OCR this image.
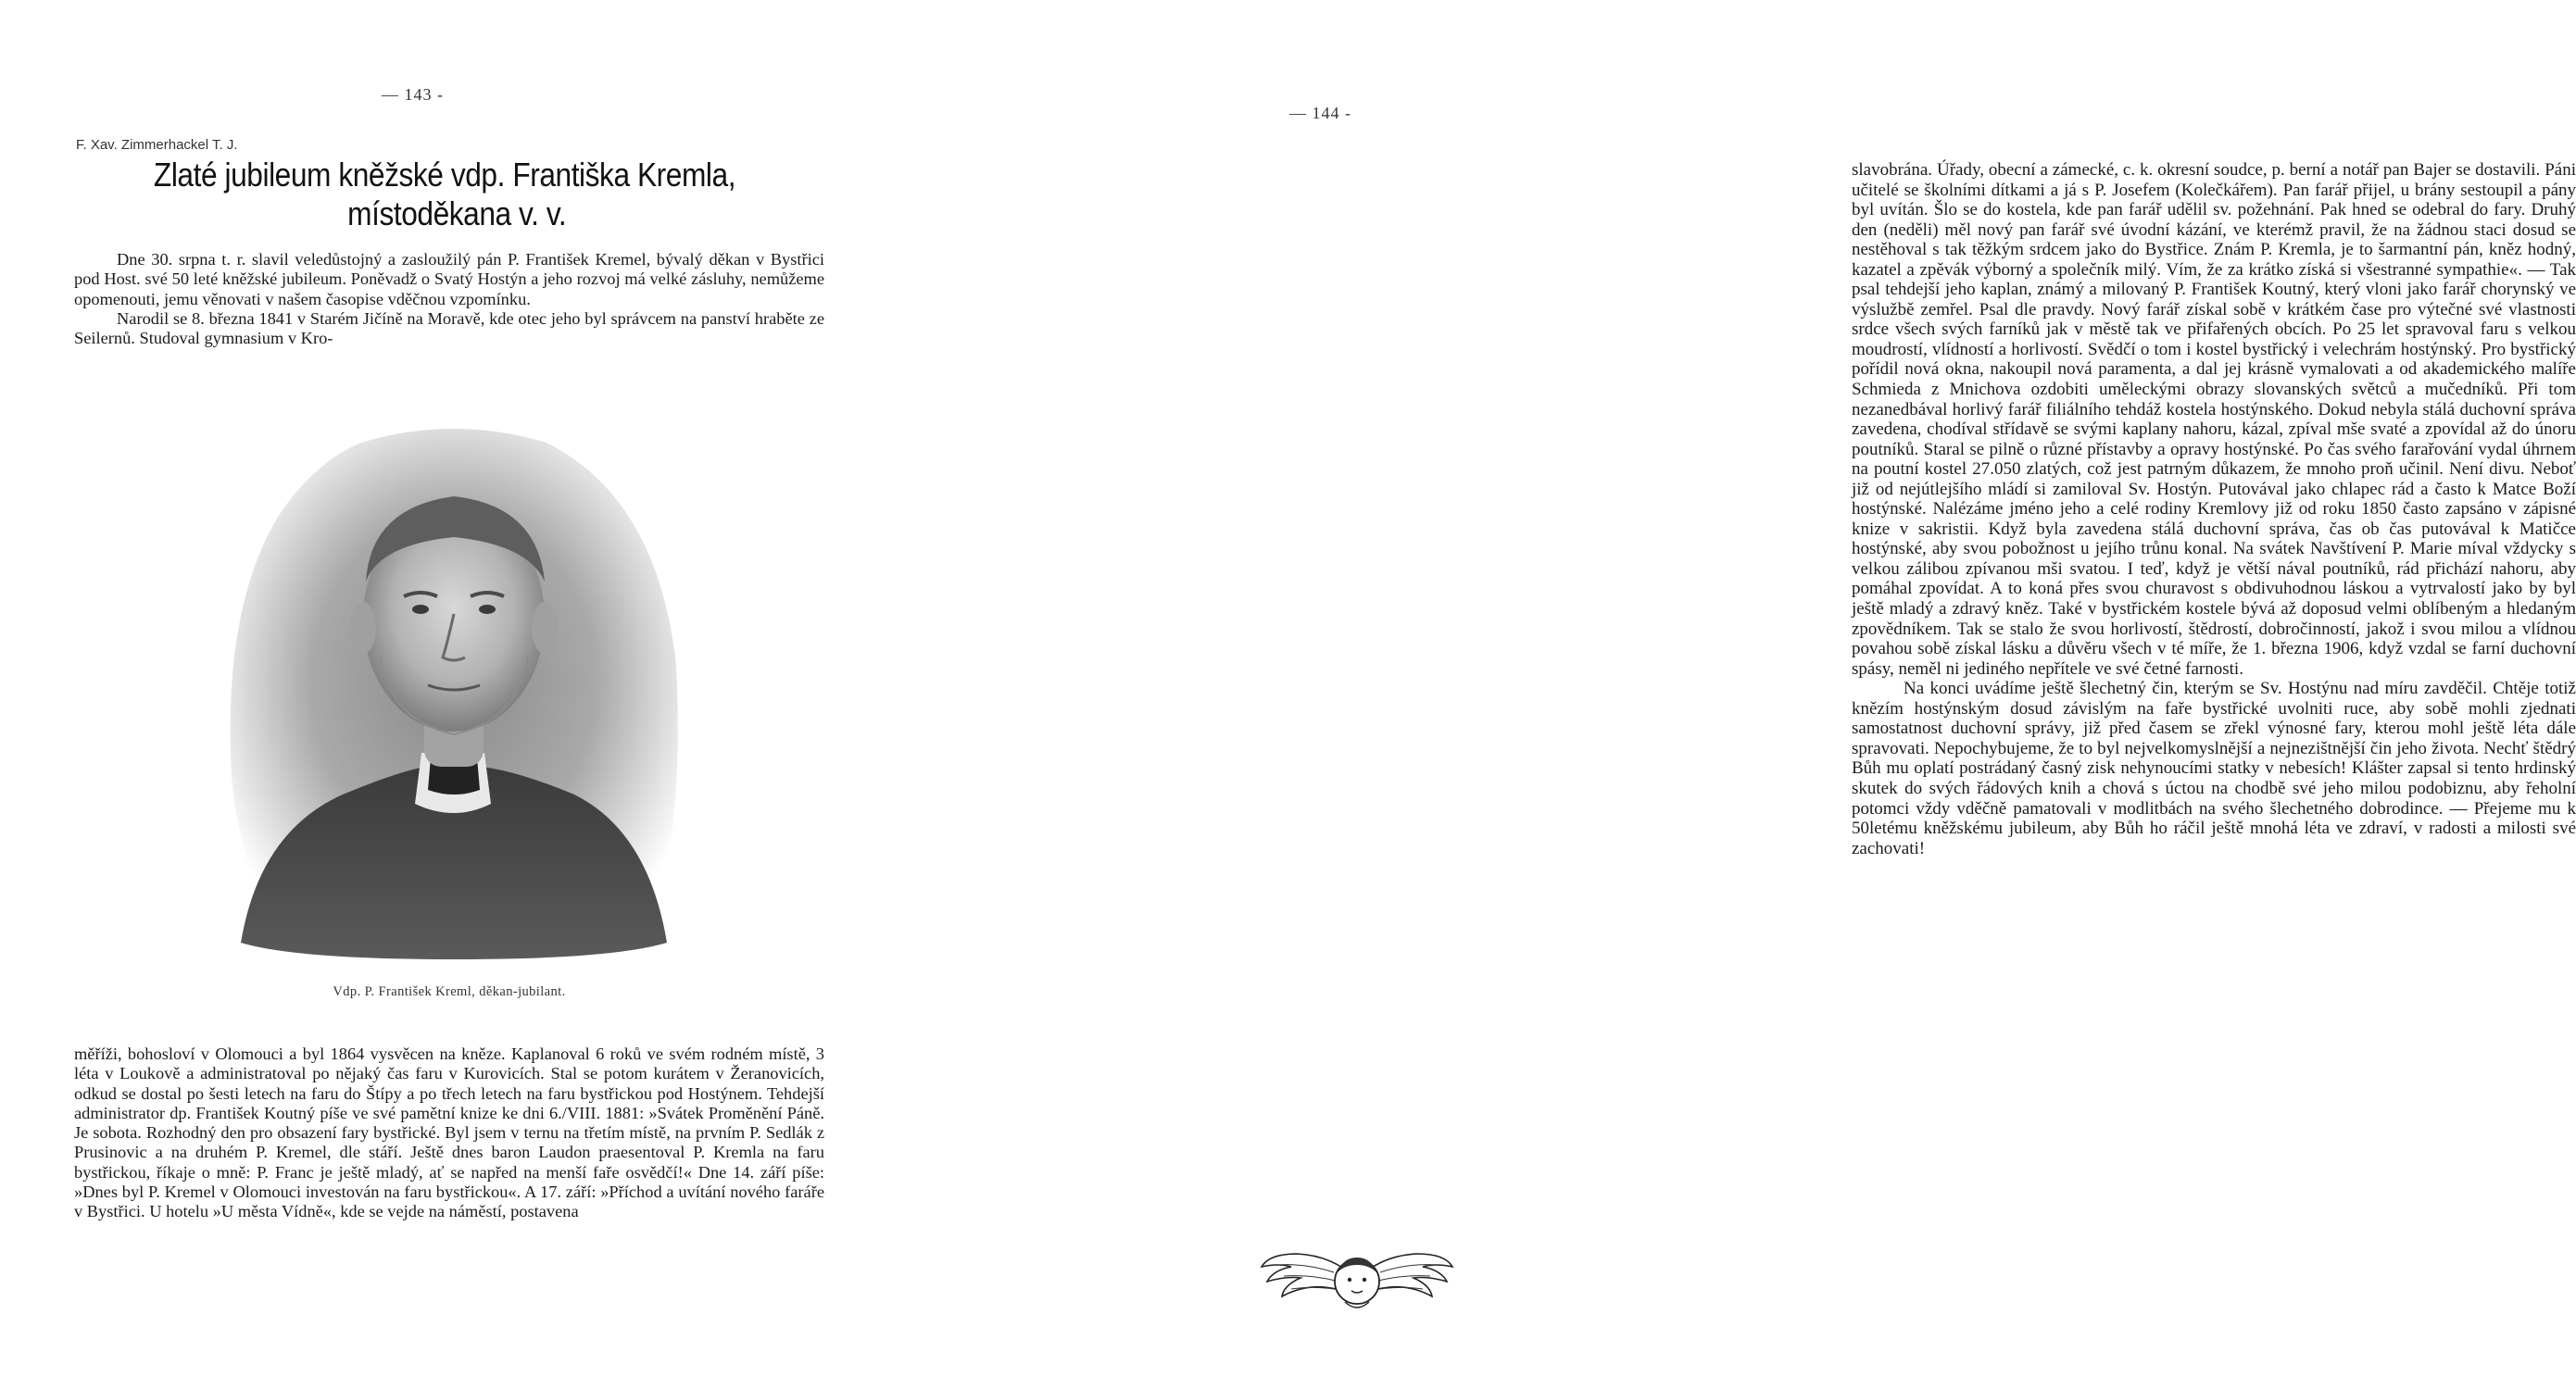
— 143 -
F. Xav. Zimmerhackel T. J.
Zlaté jubileum kněžské vdp. Františka Kremla,
místoděkana v. v.

Dne 30. srpna t. r. slavil veledůstojný a zasloužilý pán P. František Kremel, bývalý děkan v Bystřici pod Host. své 50 leté kněžské jubileum. Poněvadž o Svatý Hostýn a jeho rozvoj má velké zásluhy, nemůžeme opomenouti, jemu věnovati v našem časopise vděčnou vzpomínku.

Narodil se 8. března 1841 v Starém Jičíně na Moravě, kde otec jeho byl správcem na panství hraběte ze Seilernů. Studoval gymnasium v Kro-

Vdp. P. František Kreml, děkan-jubilant.

měříži, bohosloví v Olomouci a byl 1864 vysvěcen na kněze. Kaplanoval 6 roků ve svém rodném místě, 3 léta v Loukově a administratoval po nějaký čas faru v Kurovicích. Stal se potom kurátem v Žeranovicích, odkud se dostal po šesti letech na faru do Štípy a po třech letech na faru bystřickou pod Hostýnem. Tehdejší administrator dp. František Koutný píše ve své pamětní knize ke dni 6./VIII. 1881: »Svátek Proměnění Páně. Je sobota. Rozhodný den pro obsazení fary bystřické. Byl jsem v ternu na třetím místě, na prvním P. Sedlák z Prusinovic a na druhém P. Kremel, dle stáří. Ještě dnes baron Laudon praesentoval P. Kremla na faru bystřickou, říkaje o mně: P. Franc je ještě mladý, ať se napřed na menší faře osvědčí!« Dne 14. září píše: »Dnes byl P. Kremel v Olomouci investován na faru bystřickou«. A 17. září: »Příchod a uvítání nového faráře v Bystřici. U hotelu »U města Vídně«, kde se vejde na náměstí, postavena

— 144 -

slavobrána. Úřady, obecní a zámecké, c. k. okresní soudce, p. berní a notář pan Bajer se dostavili. Páni učitelé se školními dítkami a já s P. Josefem (Kolečkářem). Pan farář přijel, u brány sestoupil a pány byl uvítán. Šlo se do kostela, kde pan farář udělil sv. požehnání. Pak hned se odebral do fary. Druhý den (neděli) měl nový pan farář své úvodní kázání, ve kterémž pravil, že na žádnou staci dosud se nestěhoval s tak těžkým srdcem jako do Bystřice. Znám P. Kremla, je to šarmantní pán, kněz hodný, kazatel a zpěvák výborný a společník milý. Vím, že za krátko získá si všestranné sympathie«. — Tak psal tehdejší jeho kaplan, známý a milovaný P. František Koutný, který vloni jako farář chorynský ve výslužbě zemřel. Psal dle pravdy. Nový farář získal sobě v krátkém čase pro výtečné své vlastnosti srdce všech svých farníků jak v městě tak ve přifařených obcích. Po 25 let spravoval faru s velkou moudrostí, vlídností a horlivostí. Svědčí o tom i kostel bystřický i velechrám hostýnský. Pro bystřický pořídil nová okna, nakoupil nová paramenta, a dal jej krásně vymalovati a od akademického malíře Schmieda z Mnichova ozdobiti uměleckými obrazy slovanských světců a mučedníků. Při tom nezanedbával horlivý farář filiálního tehdáž kostela hostýnského. Dokud nebyla stálá duchovní správa zavedena, chodíval střídavě se svými kaplany nahoru, kázal, zpíval mše svaté a zpovídal až do únoru poutníků. Staral se pilně o různé přístavby a opravy hostýnské. Po čas svého farařování vydal úhrnem na poutní kostel 27.050 zlatých, což jest patrným důkazem, že mnoho proň učinil. Není divu. Neboť již od nejútlejšího mládí si zamiloval Sv. Hostýn. Putovával jako chlapec rád a často k Matce Boží hostýnské. Nalézáme jméno jeho a celé rodiny Kremlovy již od roku 1850 často zapsáno v zápisné knize v sakristii. Když byla zavedena stálá duchovní správa, čas ob čas putovával k Matičce hostýnské, aby svou pobožnost u jejího trůnu konal. Na svátek Navštívení P. Marie míval vždycky s velkou zálibou zpívanou mši svatou. I teď, když je větší nával poutníků, rád přichází nahoru, aby pomáhal zpovídat. A to koná přes svou churavost s obdivuhodnou láskou a vytrvalostí jako by byl ještě mladý a zdravý kněz. Také v bystřickém kostele bývá až doposud velmi oblíbeným a hledaným zpovědníkem. Tak se stalo že svou horlivostí, štědrostí, dobročinností, jakož i svou milou a vlídnou povahou sobě získal lásku a důvěru všech v té míře, že 1. března 1906, když vzdal se farní duchovní spásy, neměl ni jediného nepřítele ve své četné farnosti.

Na konci uvádíme ještě šlechetný čin, kterým se Sv. Hostýnu nad míru zavděčil. Chtěje totiž knězím hostýnským dosud závislým na faře bystřické uvolniti ruce, aby sobě mohli zjednati samostatnost duchovní správy, již před časem se zřekl výnosné fary, kterou mohl ještě léta dále spravovati. Nepochybujeme, že to byl nejvelkomyslnější a nejnezištnější čin jeho života. Nechť štědrý Bůh mu oplatí postrádaný časný zisk nehynoucími statky v nebesích! Klášter zapsal si tento hrdinský skutek do svých řádových knih a chová s úctou na chodbě své jeho milou podobiznu, aby řeholní potomci vždy vděčně pamatovali v modlitbách na svého šlechetného dobrodince. — Přejeme mu k 50letému kněžskému jubileum, aby Bůh ho ráčil ještě mnohá léta ve zdraví, v radosti a milosti své zachovati!
